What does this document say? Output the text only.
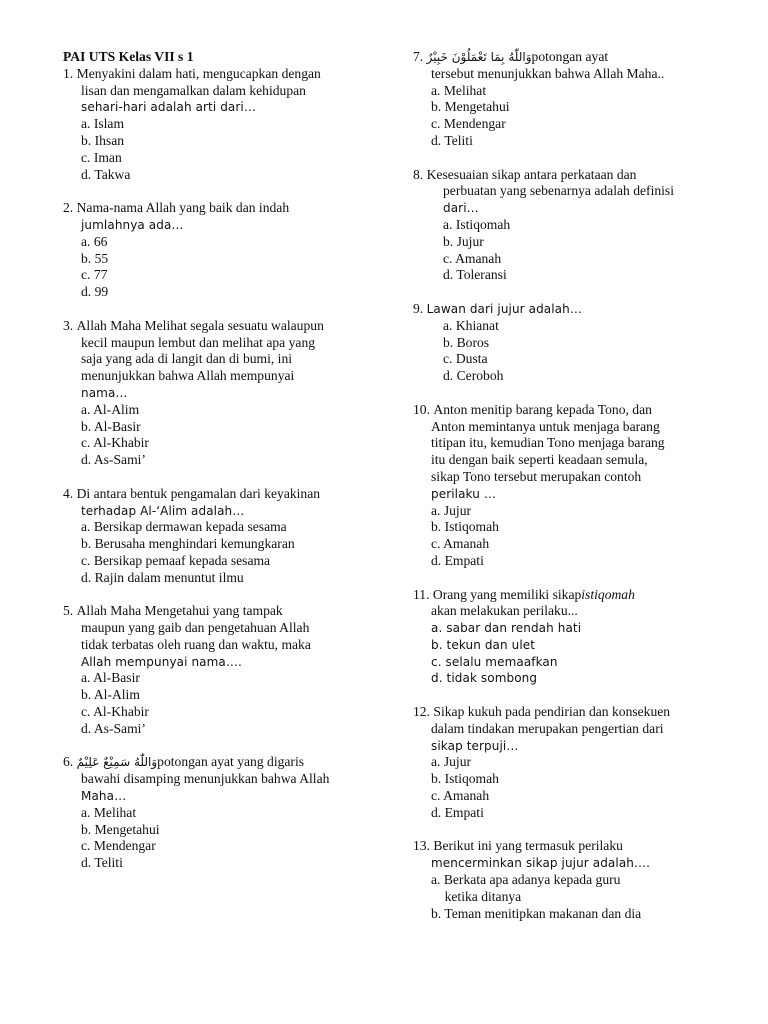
PAI UTS Kelas VII s 1
1.
Menyakini dalam hati, mengucapkan dengan
lisan dan mengamalkan dalam kehidupan
sehari-hari adalah arti dari…
a. Islam
b. Ihsan
c. Iman
d. Takwa
2.
Nama-nama Allah yang baik dan indah
jumlahnya ada…
a. 66
b. 55
c. 77
d. 99
3.
Allah Maha Melihat segala sesuatu walaupun
kecil maupun lembut dan melihat apa yang
saja yang ada di langit dan di bumi, ini
menunjukkan bahwa Allah mempunyai
nama…
a. Al-Alim
b. Al-Basir
c. Al-Khabir
d. As-Sami’
4.
Di antara bentuk pengamalan dari keyakinan
terhadap Al-‘Alim adalah…
a. Bersikap dermawan kepada sesama
b. Berusaha menghindari kemungkaran
c. Bersikap pemaaf kepada sesama
d. Rajin dalam menuntut ilmu
5.
Allah Maha Mengetahui yang tampak
maupun yang gaib dan pengetahuan Allah
tidak terbatas oleh ruang dan waktu, maka
Allah mempunyai nama….
a. Al-Basir
b. Al-Alim
c. Al-Khabir
d. As-Sami’
6.
وَاللّٰهُ سَمِيْعٌ عَلِيْمٌ potongan ayat yang digaris
bawahi disamping menunjukkan bahwa Allah
Maha…
a. Melihat
b. Mengetahui
c. Mendengar
d. Teliti
7.
وَاللّٰهُ بِمَا تَعْمَلُوْنَ خَبِيْرٌ potongan ayat
tersebut menunjukkan bahwa Allah Maha..
a. Melihat
b. Mengetahui
c. Mendengar
d. Teliti
8.
Kesesuaian sikap antara perkataan dan
perbuatan yang sebenarnya adalah definisi
dari…
a. Istiqomah
b. Jujur
c. Amanah
d. Toleransi
9.
Lawan dari jujur adalah…
a. Khianat
b. Boros
c. Dusta
d. Ceroboh
10.
Anton menitip barang kepada Tono, dan
Anton memintanya untuk menjaga barang
titipan itu, kemudian Tono menjaga barang
itu dengan baik seperti keadaan semula,
sikap Tono tersebut merupakan contoh
perilaku …
a. Jujur
b. Istiqomah
c. Amanah
d. Empati
11.
Orang yang memiliki sikap istiqomah
akan melakukan perilaku...
a. sabar dan rendah hati
b. tekun dan ulet
c. selalu memaafkan
d. tidak sombong
12.
Sikap kukuh pada pendirian dan konsekuen
dalam tindakan merupakan pengertian dari
sikap terpuji…
a. Jujur
b. Istiqomah
c. Amanah
d. Empati
13.
Berikut ini yang termasuk perilaku
mencerminkan sikap jujur adalah….
a. Berkata apa adanya kepada guru
ketika ditanya
b. Teman menitipkan makanan dan dia
